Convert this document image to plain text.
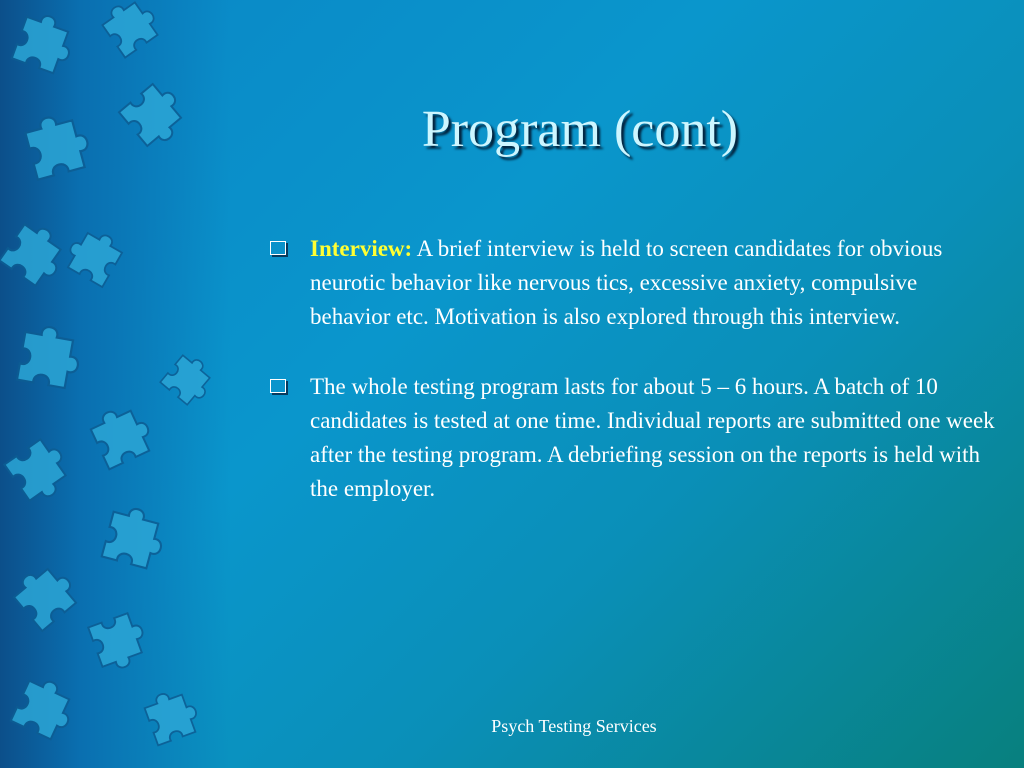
Program (cont)
Interview: A brief interview is held to screen candidates for obvious neurotic behavior like nervous tics, excessive anxiety, compulsive behavior etc. Motivation is also explored through this interview.
The whole testing program lasts for about 5 – 6 hours. A batch of 10 candidates is tested at one time. Individual reports are submitted one week after the testing program. A debriefing session on the reports is held with the employer.
Psych Testing Services
